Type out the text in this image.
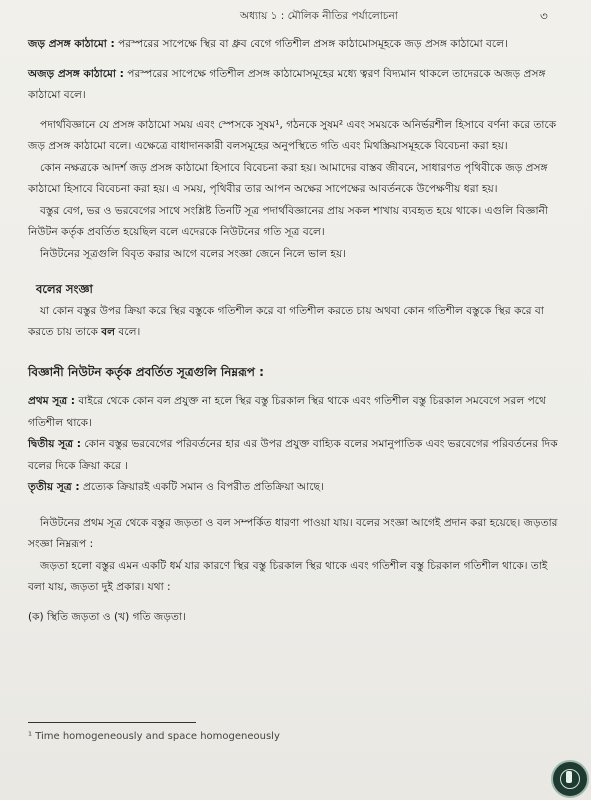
অধ্যায় ১ : মৌলিক নীতির পর্যালোচনা	৩

জড় প্রসঙ্গ কাঠামো : পরস্পরের সাপেক্ষে স্থির বা ধ্রুব বেগে গতিশীল প্রসঙ্গ কাঠামোসমূহকে জড় প্রসঙ্গ কাঠামো বলে।

অজড় প্রসঙ্গ কাঠামো : পরস্পরের সাপেক্ষে গতিশীল প্রসঙ্গ কাঠামোসমূহের মধ্যে ত্বরণ বিদ্যমান থাকলে তাদেরকে অজড় প্রসঙ্গ কাঠামো বলে।

পদার্থবিজ্ঞানে যে প্রসঙ্গ কাঠামো সময় এবং স্পেসকে সুষম¹, গঠনকে সুষম² এবং সময়কে অনির্ভরশীল হিসাবে বর্ণনা করে তাকে জড় প্রসঙ্গ কাঠামো বলে। এক্ষেত্রে বাধাদানকারী বলসমূহের অনুপস্থিতে গতি এবং মিথস্ক্রিয়াসমূহকে বিবেচনা করা হয়।

কোন নক্ষত্রকে আদর্শ জড় প্রসঙ্গ কাঠামো হিসাবে বিবেচনা করা হয়। আমাদের বাস্তব জীবনে, সাধারণত পৃথিবীকে জড় প্রসঙ্গ কাঠামো হিসাবে বিবেচনা করা হয়। এ সময়, পৃথিবীর তার আপন অক্ষের সাপেক্ষের আবর্তনকে উপেক্ষণীয় ধরা হয়।

বস্তুর বেগ, ভর ও ভরবেগের সাথে সংশ্লিষ্ট তিনটি সূত্র পদার্থবিজ্ঞানের প্রায় সকল শাখায় ব্যবহৃত হয়ে থাকে। এগুলি বিজ্ঞানী নিউটন কর্তৃক প্রবর্তিত হয়েছিল বলে এদেরকে নিউটনের গতি সূত্র বলে।

নিউটনের সূত্রগুলি বিবৃত করার আগে বলের সংজ্ঞা জেনে নিলে ভাল হয়।

বলের সংজ্ঞা

যা কোন বস্তুর উপর ক্রিয়া করে স্থির বস্তুকে গতিশীল করে বা গতিশীল করতে চায় অথবা কোন গতিশীল বস্তুকে স্থির করে বা করতে চায় তাকে বল বলে।

বিজ্ঞানী নিউটন কর্তৃক প্রবর্তিত সূত্রগুলি নিম্নরূপ :

প্রথম সূত্র : বাইরে থেকে কোন বল প্রযুক্ত না হলে স্থির বস্তু চিরকাল স্থির থাকে এবং গতিশীল বস্তু চিরকাল সমবেগে সরল পথে গতিশীল থাকে।

দ্বিতীয় সূত্র : কোন বস্তুর ভরবেগের পরিবর্তনের হার এর উপর প্রযুক্ত বাহ্যিক বলের সমানুপাতিক এবং ভরবেগের পরিবর্তনের দিক বলের দিকে ক্রিয়া করে ।

তৃতীয় সূত্র : প্রত্যেক ক্রিয়ারই একটি সমান ও বিপরীত প্রতিক্রিয়া আছে।

নিউটনের প্রথম সূত্র থেকে বস্তুর জড়তা ও বল সম্পর্কিত ধারণা পাওয়া যায়। বলের সংজ্ঞা আগেই প্রদান করা হয়েছে। জড়তার সংজ্ঞা নিম্নরূপ :

জড়তা হলো বস্তুর এমন একটি ধর্ম যার কারণে স্থির বস্তু চিরকাল স্থির থাকে এবং গতিশীল বস্তু চিরকাল গতিশীল থাকে। তাই বলা যায়, জড়তা দুই প্রকার। যথা :

(ক) স্থিতি জড়তা ও (খ) গতি জড়তা।

¹ Time homogeneously and space homogeneously
